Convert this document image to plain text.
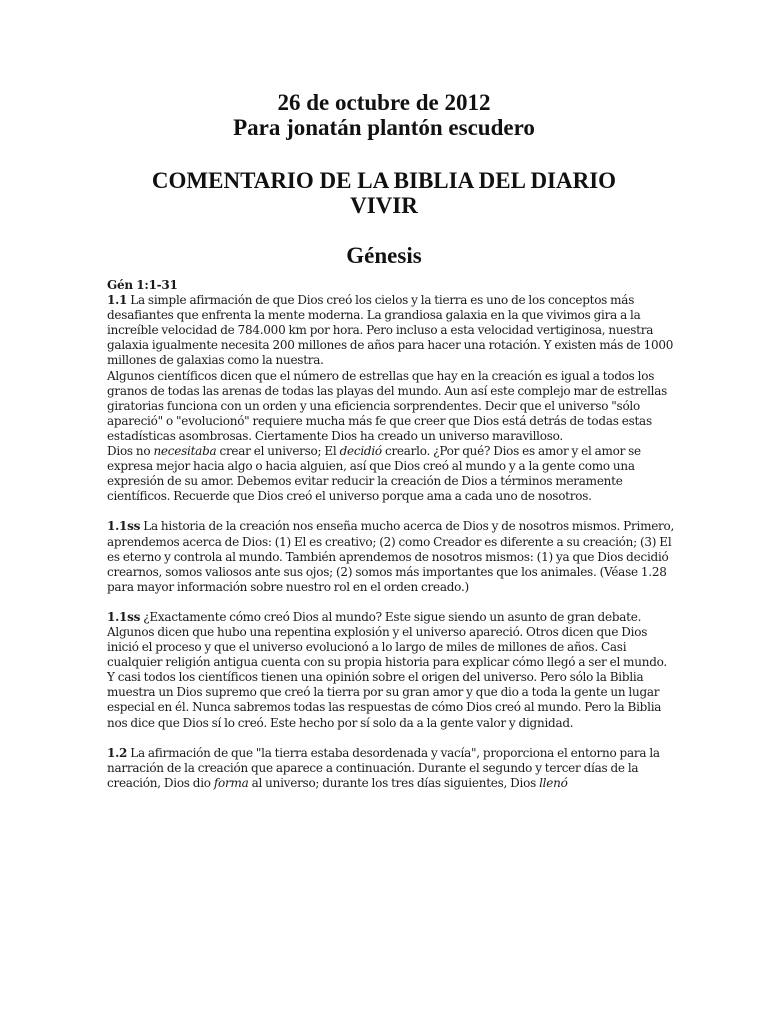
26 de octubre de 2012
Para jonatán plantón escudero
COMENTARIO DE LA BIBLIA DEL DIARIO
VIVIR
Génesis
Gén 1:1-31
1.1 La simple afirmación de que Dios creó los cielos y la tierra es uno de los conceptos más desafiantes que enfrenta la mente moderna. La grandiosa galaxia en la que vivimos gira a la increíble velocidad de 784.000 km por hora. Pero incluso a esta velocidad vertiginosa, nuestra galaxia igualmente necesita 200 millones de años para hacer una rotación. Y existen más de 1000 millones de galaxias como la nuestra.
Algunos científicos dicen que el número de estrellas que hay en la creación es igual a todos los granos de todas las arenas de todas las playas del mundo. Aun así este complejo mar de estrellas giratorias funciona con un orden y una eficiencia sorprendentes. Decir que el universo "sólo apareció" o "evolucionó" requiere mucha más fe que creer que Dios está detrás de todas estas estadísticas asombrosas. Ciertamente Dios ha creado un universo maravilloso.
Dios no necesitaba crear el universo; El decidió crearlo. ¿Por qué? Dios es amor y el amor se expresa mejor hacia algo o hacia alguien, así que Dios creó al mundo y a la gente como una expresión de su amor. Debemos evitar reducir la creación de Dios a términos meramente científicos. Recuerde que Dios creó el universo porque ama a cada uno de nosotros.
1.1ss La historia de la creación nos enseña mucho acerca de Dios y de nosotros mismos. Primero, aprendemos acerca de Dios: (1) El es creativo; (2) como Creador es diferente a su creación; (3) El es eterno y controla al mundo. También aprendemos de nosotros mismos: (1) ya que Dios decidió crearnos, somos valiosos ante sus ojos; (2) somos más importantes que los animales. (Véase 1.28 para mayor información sobre nuestro rol en el orden creado.)
1.1ss ¿Exactamente cómo creó Dios al mundo? Este sigue siendo un asunto de gran debate. Algunos dicen que hubo una repentina explosión y el universo apareció. Otros dicen que Dios inició el proceso y que el universo evolucionó a lo largo de miles de millones de años. Casi cualquier religión antigua cuenta con su propia historia para explicar cómo llegó a ser el mundo. Y casi todos los científicos tienen una opinión sobre el origen del universo. Pero sólo la Biblia muestra un Dios supremo que creó la tierra por su gran amor y que dio a toda la gente un lugar especial en él. Nunca sabremos todas las respuestas de cómo Dios creó al mundo. Pero la Biblia nos dice que Dios sí lo creó. Este hecho por sí solo da a la gente valor y dignidad.
1.2 La afirmación de que "la tierra estaba desordenada y vacía", proporciona el entorno para la narración de la creación que aparece a continuación. Durante el segundo y tercer días de la creación, Dios dio forma al universo; durante los tres días siguientes, Dios llenó
